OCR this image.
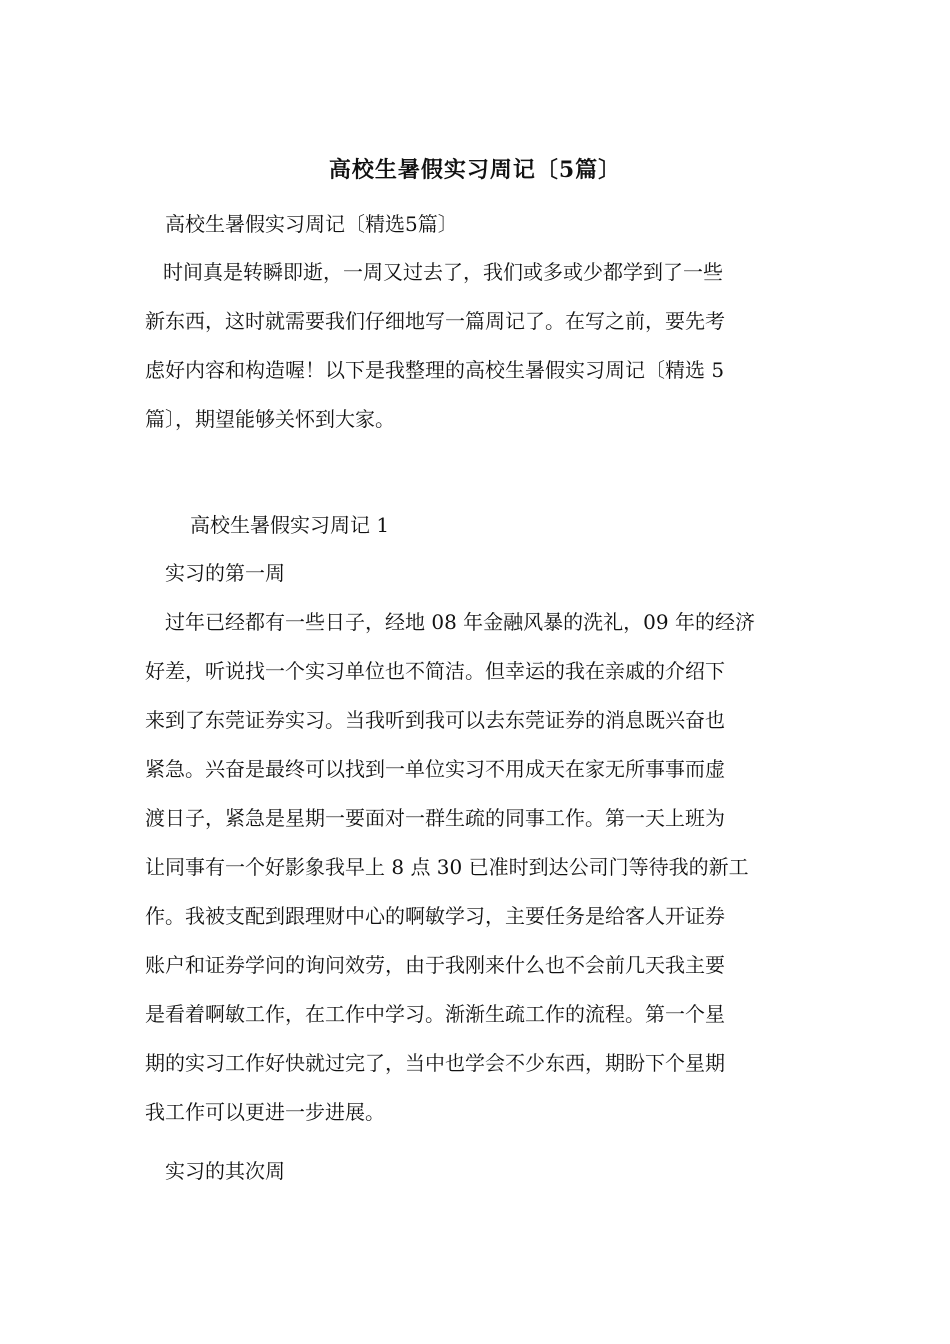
高校生暑假实习周记〔5篇〕
高校生暑假实习周记〔精选5篇〕

时间真是转瞬即逝，一周又过去了，我们或多或少都学到了一些

新东西，这时就需要我们仔细地写一篇周记了。在写之前，要先考

虑好内容和构造喔！以下是我整理的高校生暑假实习周记〔精选 5

篇〕，期望能够关怀到大家。

高校生暑假实习周记 1
实习的第一周

过年已经都有一些日子，经地 08 年金融风暴的洗礼，09 年的经济

好差，听说找一个实习单位也不简洁。但幸运的我在亲戚的介绍下

来到了东莞证券实习。当我听到我可以去东莞证券的消息既兴奋也

紧急。兴奋是最终可以找到一单位实习不用成天在家无所事事而虚

渡日子，紧急是星期一要面对一群生疏的同事工作。第一天上班为

让同事有一个好影象我早上 8 点 30 已准时到达公司门等待我的新工

作。我被支配到跟理财中心的啊敏学习，主要任务是给客人开证券

账户和证券学问的询问效劳，由于我刚来什么也不会前几天我主要

是看着啊敏工作，在工作中学习。渐渐生疏工作的流程。第一个星

期的实习工作好快就过完了，当中也学会不少东西，期盼下个星期

我工作可以更进一步进展。

实习的其次周
